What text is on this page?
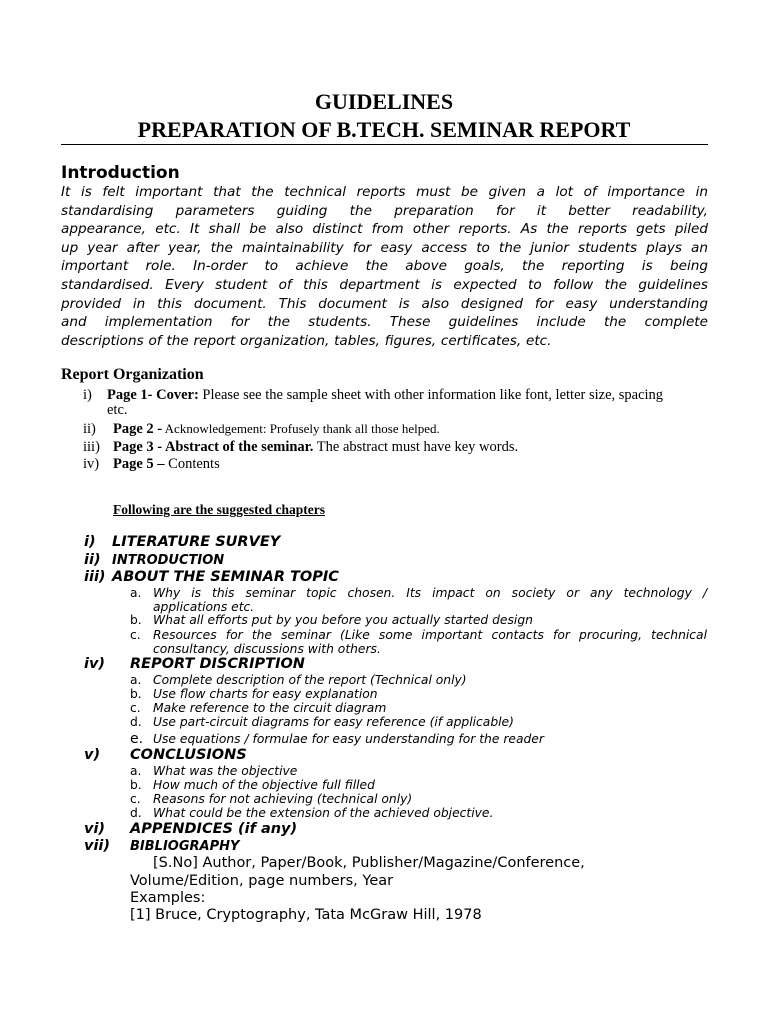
GUIDELINES
PREPARATION OF B.TECH. SEMINAR REPORT
Introduction
It is felt important that the technical reports must be given a lot of importance in
standardising parameters guiding the preparation for it better readability,
appearance, etc. It shall be also distinct from other reports. As the reports gets piled
up year after year, the maintainability for easy access to the junior students plays an
important role. In-order to achieve the above goals, the reporting is being
standardised. Every student of this department is expected to follow the guidelines
provided in this document. This document is also designed for easy understanding
and implementation for the students. These guidelines include the complete
descriptions of the report organization, tables, figures, certificates, etc.
Report Organization
i) Page 1- Cover: Please see the sample sheet with other information like font, letter size, spacing
etc.
ii) Page 2 - Acknowledgement: Profusely thank all those helped.
iii) Page 3 - Abstract of the seminar. The abstract must have key words.
iv) Page 5 – Contents
Following are the suggested chapters
i) LITERATURE SURVEY
ii) INTRODUCTION
iii) ABOUT THE SEMINAR TOPIC
a. Why is this seminar topic chosen. Its impact on society or any technology /
applications etc.
b. What all efforts put by you before you actually started design
c. Resources for the seminar (Like some important contacts for procuring, technical
consultancy, discussions with others.
iv) REPORT DISCRIPTION
a. Complete description of the report (Technical only)
b. Use flow charts for easy explanation
c. Make reference to the circuit diagram
d. Use part-circuit diagrams for easy reference (if applicable)
e. Use equations / formulae for easy understanding for the reader
v) CONCLUSIONS
a. What was the objective
b. How much of the objective full filled
c. Reasons for not achieving (technical only)
d. What could be the extension of the achieved objective.
vi) APPENDICES (if any)
vii) BIBLIOGRAPHY
[S.No] Author, Paper/Book, Publisher/Magazine/Conference,
Volume/Edition, page numbers, Year
Examples:
[1] Bruce, Cryptography, Tata McGraw Hill, 1978
